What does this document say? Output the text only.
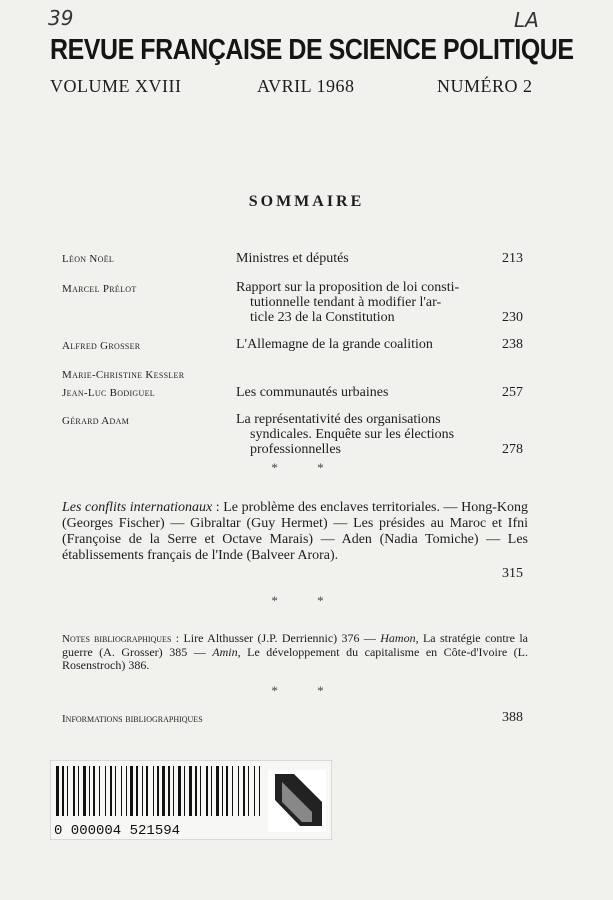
39	LA
REVUE FRANÇAISE DE SCIENCE POLITIQUE
VOLUME XVIII	AVRIL 1968	NUMÉRO 2
SOMMAIRE
Léon Noël	Ministres et députés	213
Marcel Prélot	Rapport sur la proposition de loi consti-
tutionnelle tendant à modifier l'ar-
ticle 23 de la Constitution	230
Alfred Grosser	L'Allemagne de la grande coalition	238
Marie-Christine Kessler
Jean-Luc Bodiguel	Les communautés urbaines	257
Gérard Adam	La représentativité des organisations
syndicales. Enquête sur les élections
professionnelles	278
* *
Les conflits internationaux : Le problème des enclaves territoriales. — Hong-Kong (Georges Fischer) — Gibraltar (Guy Hermet) — Les présides au Maroc et Ifni (Françoise de la Serre et Octave Marais) — Aden (Nadia Tomiche) — Les établissements français de l'Inde (Balveer Arora).
315
* *
Notes bibliographiques : Lire Althusser (J.P. Derriennic) 376 — Hamon, La stratégie contre la guerre (A. Grosser) 385 — Amin, Le développement du capitalisme en Côte-d'Ivoire (L. Rosenstroch) 386.
* *
Informations bibliographiques	388
0 000004 521594
